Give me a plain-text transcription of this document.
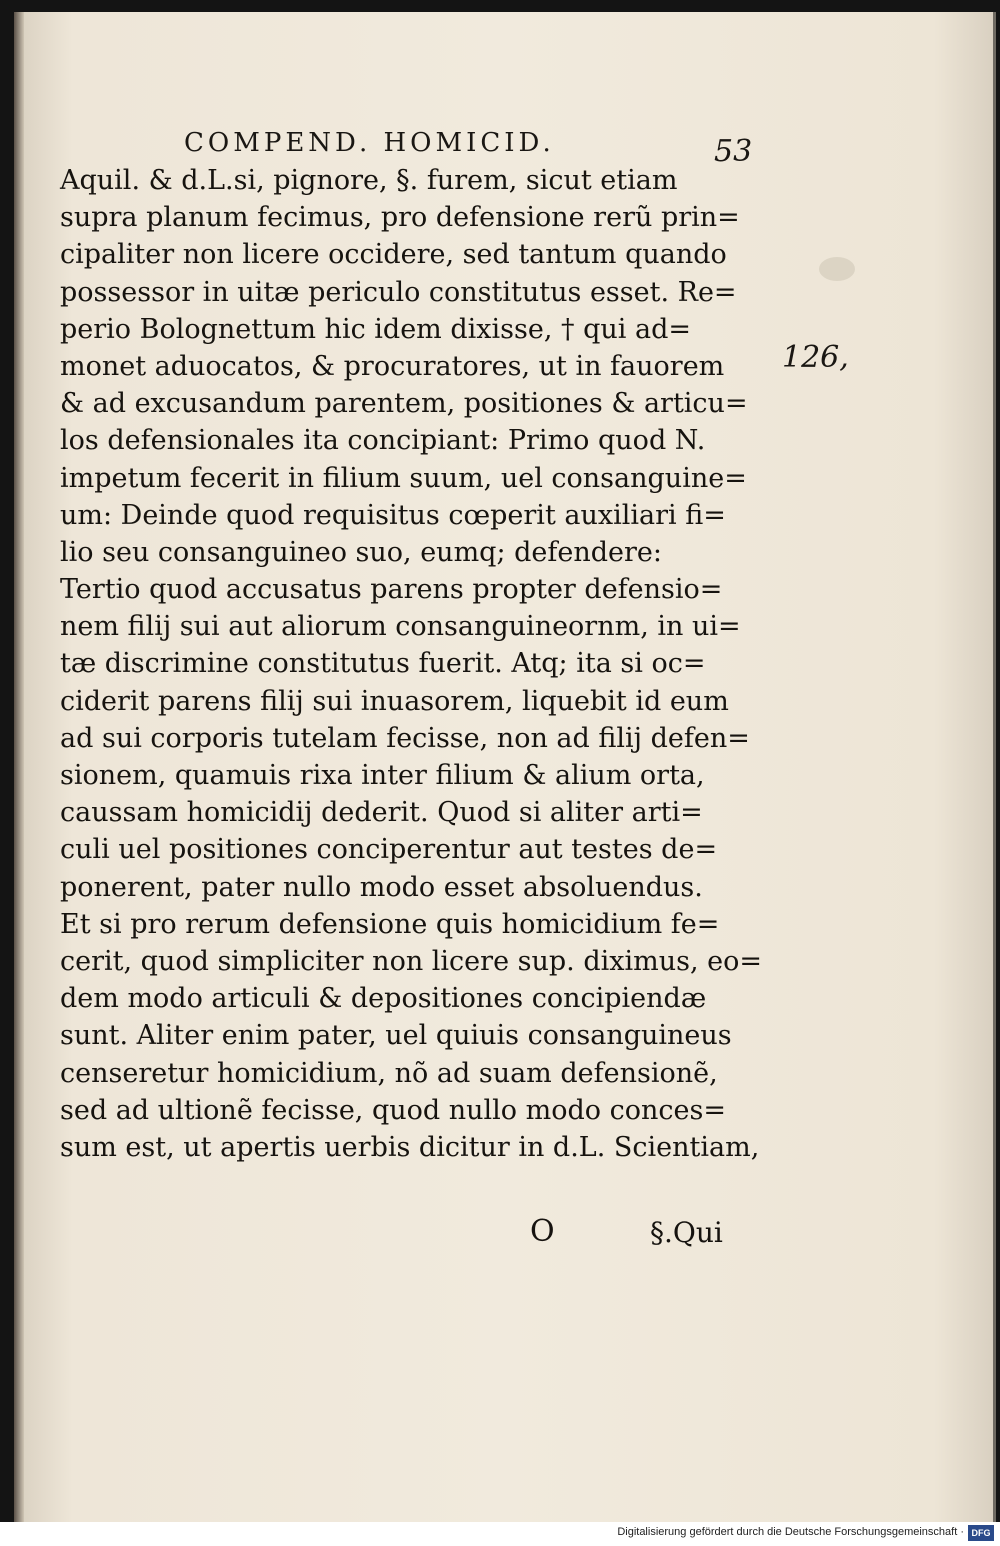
COMPEND. HOMICID.	53
126,
Aquil. & d.L.si, pignore, §. furem, sicut etiam
supra planum fecimus, pro defensione rerũ prin=
cipaliter non licere occidere, sed tantum quando
possessor in uitæ periculo constitutus esset. Re=
perio Bolognettum hic idem dixisse, † qui ad=
monet aduocatos, & procuratores, ut in fauorem
& ad excusandum parentem, positiones & articu=
los defensionales ita concipiant: Primo quod N.
impetum fecerit in filium suum, uel consanguine=
um: Deinde quod requisitus cœperit auxiliari fi=
lio seu consanguineo suo, eumq; defendere:
Tertio quod accusatus parens propter defensio=
nem filij sui aut aliorum consanguineornm, in ui=
tæ discrimine constitutus fuerit. Atq; ita si oc=
ciderit parens filij sui inuasorem, liquebit id eum
ad sui corporis tutelam fecisse, non ad filij defen=
sionem, quamuis rixa inter filium & alium orta,
caussam homicidij dederit. Quod si aliter arti=
culi uel positiones conciperentur aut testes de=
ponerent, pater nullo modo esset absoluendus.
Et si pro rerum defensione quis homicidium fe=
cerit, quod simpliciter non licere sup. diximus, eo=
dem modo articuli & depositiones concipiendæ
sunt. Aliter enim pater, uel quiuis consanguineus
censeretur homicidium, nõ ad suam defensionẽ,
sed ad ultionẽ fecisse, quod nullo modo conces=
sum est, ut apertis uerbis dicitur in d.L. Scientiam,
O	§.Qui
Digitalisierung gefördert durch die Deutsche Forschungsgemeinschaft · DFG
